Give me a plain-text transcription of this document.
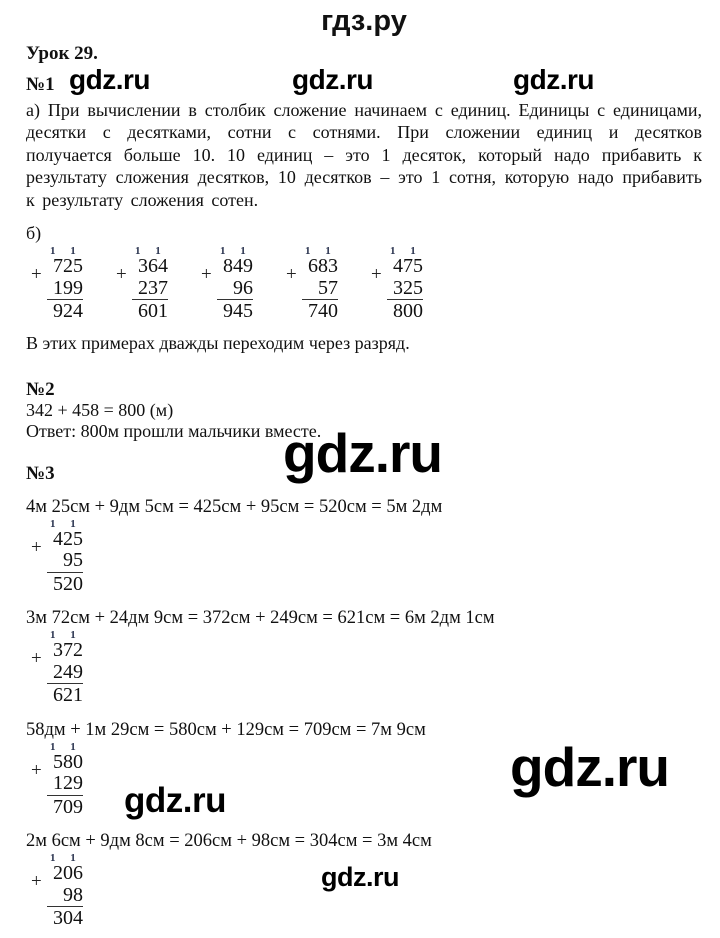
гдз.ру
Урок 29.
№1 gdz.ru	gdz.ru	gdz.ru
а) При вычислении в столбик сложение начинаем с единиц. Единицы с единицами, десятки с десятками, сотни с сотнями. При сложении единиц и десятков получается больше 10. 10 единиц – это 1 десяток, который надо прибавить к результату сложения десятков, 10 десятков – это 1 сотня, которую надо прибавить к результату сложения сотен.
б)
1 1
+ 725
199
924
1 1
+ 364
237
601
1 1
+ 849
96
945
1 1
+ 683
57
740
1 1
+ 475
325
800
В этих примерах дважды переходим через разряд.
№2
342 + 458 = 800 (м)
Ответ: 800м прошли мальчики вместе.
№3
4м 25см + 9дм 5см = 425см + 95см = 520см = 5м 2дм
1 1
+ 425
95
520
3м 72см + 24дм 9см = 372см + 249см = 621см = 6м 2дм 1см
1 1
+ 372
249
621
58дм + 1м 29см = 580см + 129см = 709см = 7м 9см
1 1
+ 580
129
709
2м 6см + 9дм 8см = 206см + 98см = 304см = 3м 4см
1 1
+ 206
98
304
gdz.ru
gdz.ru
gdz.ru
gdz.ru
